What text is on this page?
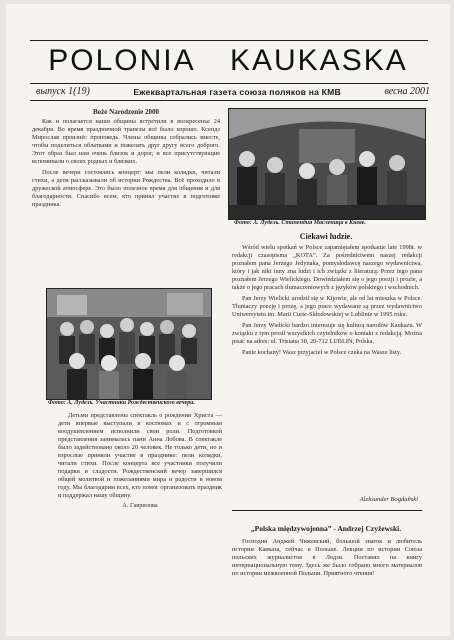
POLONIA KAUKASKA
выпуск 1(19)	Ежеквартальная газета союза поляков на КМВ	весна 2001

Boże Narodzenie 2000

Как и полагается наши общины встретили в воскресенье 24 декабря. Во время праздничной трапезы всё было хорошо. Ксендз Мирослав произнёс проповедь. Члены общины собрались вместе, чтобы поделиться облатками и пожелать друг другу всего доброго. Этот образ был нам очень близок и дорог, и все присутствующие вспоминали о своих родных и близких.

После вечери состоялись концерт: мы пели колядки, читали стихи, а дети рассказывали об истории Рождества. Всё проходило в дружеской атмосфере. Это было полезное время для общения и для благодарности. Спасибо всем, кто принял участие в подготовке праздника.

Фото: А. Лудель. Участники Рождественского вечера.

Детьми представлены спектакль о рождении Христа — дети впервые выступали в костюмах и с огромным воодушевлением исполнили свои роли. Подготовкой представления занималась пани Анна Лобова. В спектакле было задействовано около 20 человек. Не только дети, но и взрослые приняли участие в празднике: пели колядки, читали стихи. После концерта все участники получили подарки и сладости. Рождественский вечер завершился общей молитвой и пожеланиями мира и радости в новом году. Мы благодарим всех, кто помог организовать праздник и поддержал нашу общину.

А. Гаврилова

Фото: А. Лудель. Стипендия Масленица в Киеве.
Ciekawi ludzie.

Wśród wielu spotkań w Polsce zapamiętałem spotkanie late 1998r. w redakcji czasopisma „KOTA”. Za pośrednictwem naszej redakcji poznałem pana Jerzego Jedynaka, pomysłodawcę naszego wydawnictwa, który i jak nikt inny zna ludzi i ich związki z literaturą. Przez tego pana poznałem Jerzego Wielickiego. Dowiedziałem się o jego poezji i prozie, a także o jego pracach tłumaczeniowych z języków polskiego i wschodnich.

Pan Jerzy Wielicki urodził się w Kijowie, ale od lat mieszka w Polsce. Tłumaczy poezję i prozę, a jego prace wydawane są przez wydawnictwo Uniwersytetu im. Marii Curie-Skłodowskiej w Lublinie w 1995 roku.

Pan Jerzy Wielicki bardzo interesuje się kulturą narodów Kaukazu. W związku z tym prosił wszystkich czytelników o kontakt z redakcją. Można pisać na adres: ul. Tristana 38, 20-712 LUBLIN, Polska.

Panie kochany! Wasz przyjaciel w Polsce czeka na Wasze listy.

Aleksander Bogdañski
„Polska międzywojenna” - Andrzej Czyżewski.

Господин Анджей Чижевский, большой знаток и любитель истории Кавказа, сейчас в Польше. Лекции по истории Союза польских журналистов в Лодзи. Поставил на книгу интернациональную тему. Здесь же было собрано много материалов по истории межвоенной Польши. Приятного чтения!
